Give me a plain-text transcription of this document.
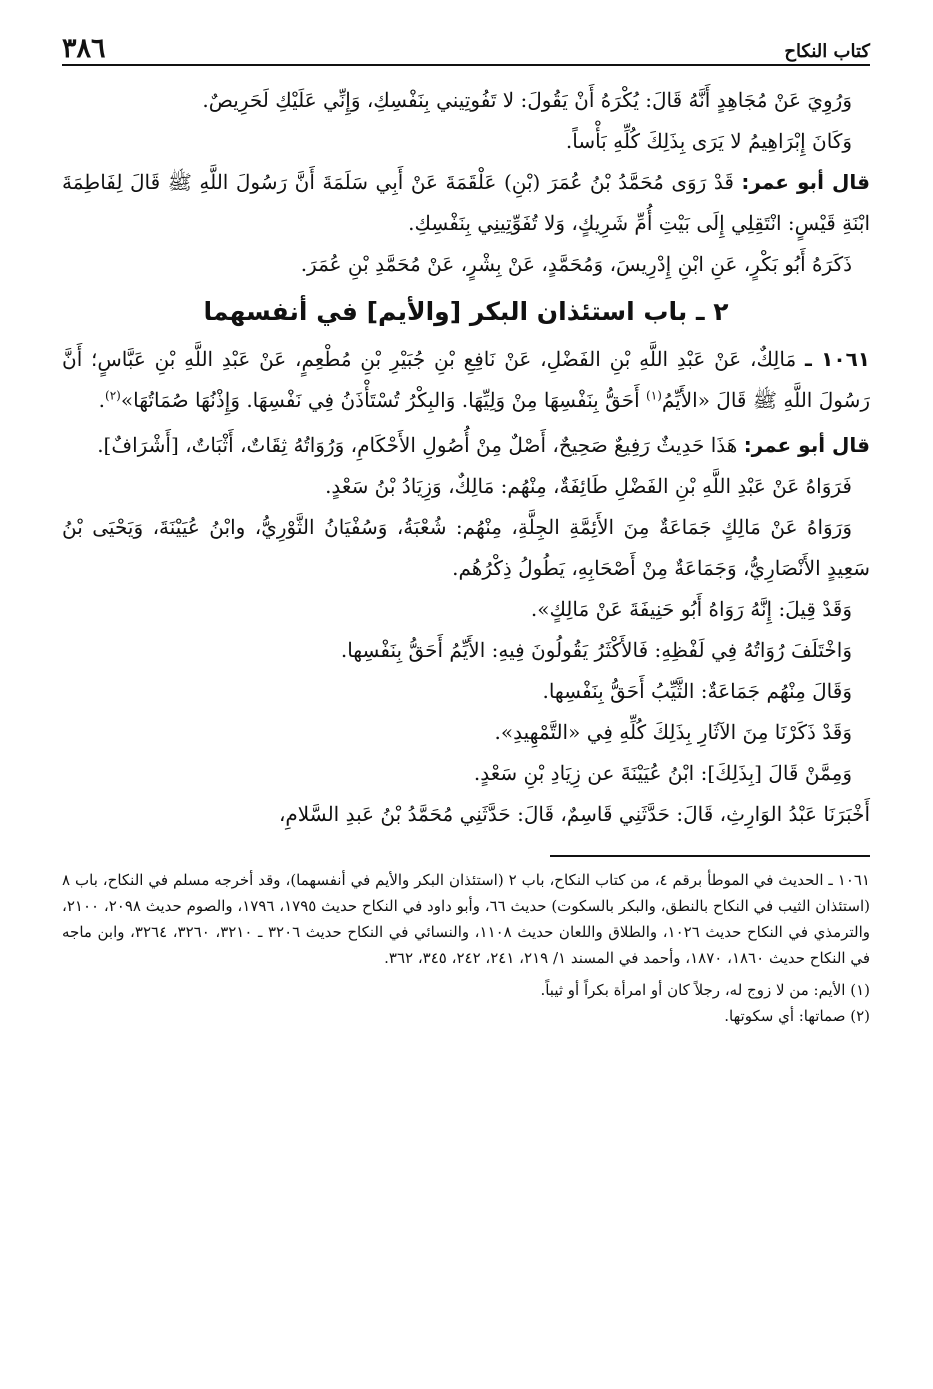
كتاب النكاح
٣٨٦

وَرُوِيَ عَنْ مُجَاهِدٍ أَنَّهُ قَالَ: يُكْرَهُ أَنْ يَقُولَ: لا تَفُوتِيني بِنَفْسِكِ، وَإِنِّي عَلَيْكِ لَحَرِيصٌ.

وَكَانَ إِبْرَاهِيمُ لا يَرَى بِذَلِكَ كُلِّهِ بَأْساً.

قال أبو عمر: قَدْ رَوَى مُحَمَّدُ بْنُ عُمَرَ (بْنِ) عَلْقَمَةَ عَنْ أَبِي سَلَمَةَ أَنَّ رَسُولَ اللَّهِ ﷺ قَالَ لِفَاطِمَةَ ابْنَةِ قَيْسٍ: انْتَقِلِي إِلَى بَيْتِ أُمِّ شَرِيكٍ، وَلا تُفَوِّتِينِي بِنَفْسِكِ.

ذَكَرَهُ أَبُو بَكْرٍ، عَنِ ابْنِ إِدْرِيسَ، وَمُحَمَّدٍ، عَنْ بِشْرٍ، عَنْ مُحَمَّدِ بْنِ عُمَرَ.

٢ ـ باب استئذان البكر [والأيم] في أنفسهما

١٠٦١ ـ مَالِكٌ، عَنْ عَبْدِ اللَّهِ بْنِ الفَضْلِ، عَنْ نَافِعِ بْنِ جُبَيْرِ بْنِ مُطْعِمٍ، عَنْ عَبْدِ اللَّهِ بْنِ عَبَّاسٍ؛ أَنَّ رَسُولَ اللَّهِ ﷺ قَالَ «الأَيِّمُ$^{(١)}$ أَحَقُّ بِنَفْسِهَا مِنْ وَلِيِّهَا. وَالبِكْرُ تُسْتَأْذَنُ فِي نَفْسِهَا. وَإِذْنُهَا صُمَاتُهَا»$^{(٢)}$.

قال أبو عمر: هَذَا حَدِيثٌ رَفِيعٌ صَحِيحٌ، أَصْلٌ مِنْ أُصُولِ الأَحْكَامِ، وَرُوَاتُهُ ثِقَاتٌ، أَثْبَاتٌ، [أَشْرَافٌ].

فَرَوَاهُ عَنْ عَبْدِ اللَّهِ بْنِ الفَضْلِ طَائِفَةٌ، مِنْهُم: مَالِكٌ، وَزِيَادُ بْنُ سَعْدٍ.

وَرَوَاهُ عَنْ مَالِكٍ جَمَاعَةٌ مِنَ الأَئِمَّةِ الجِلَّةِ، مِنْهُم: شُعْبَةُ، وَسُفْيَانُ الثَّوْرِيُّ، وابْنُ عُيَيْنَةَ، وَيَحْيَى بْنُ سَعِيدٍ الأَنْصَارِيُّ، وَجَمَاعَةٌ مِنْ أَصْحَابِهِ، يَطُولُ ذِكْرُهُم.

وَقَدْ قِيلَ: إِنَّهُ رَوَاهُ أَبُو حَنِيفَةَ عَنْ مَالِكٍ».

وَاخْتَلَفَ رُوَاتُهُ فِي لَفْظِهِ: فَالأَكْثَرُ يَقُولُونَ فِيهِ: الأَيِّمُ أَحَقُّ بِنَفْسِها.

وَقَالَ مِنْهُم جَمَاعَةٌ: الثَّيِّبُ أَحَقُّ بِنَفْسِها.

وَقَدْ ذَكَرْنَا مِنَ الآثَارِ بِذَلِكَ كُلِّهِ فِي «التَّمْهِيدِ».

وَمِمَّنْ قَالَ [بِذَلِكَ]: ابْنُ عُيَيْنَةَ عن زِيَادِ بْنِ سَعْدٍ.

أَخْبَرَنَا عَبْدُ الوَارِثِ، قَالَ: حَدَّثَنِي قَاسِمٌ، قَالَ: حَدَّثَنِي مُحَمَّدُ بْنُ عَبدِ السَّلامِ،

١٠٦١ ـ الحديث في الموطأ برقم ٤، من كتاب النكاح، باب ٢ (استئذان البكر والأيم في أنفسهما)، وقد أخرجه مسلم في النكاح، باب ٨ (استئذان الثيب في النكاح بالنطق، والبكر بالسكوت) حديث ٦٦، وأبو داود في النكاح حديث ١٧٩٥، ١٧٩٦، والصوم حديث ٢٠٩٨، ٢١٠٠، والترمذي في النكاح حديث ١٠٢٦، والطلاق واللعان حديث ١١٠٨، والنسائي في النكاح حديث ٣٢٠٦ ـ ٣٢١٠، ٣٢٦٠، ٣٢٦٤، وابن ماجه في النكاح حديث ١٨٦٠، ١٨٧٠، وأحمد في المسند ١/ ٢١٩، ٢٤١، ٢٤٢، ٣٤٥، ٣٦٢.

(١) الأيم: من لا زوج له، رجلاً كان أو امرأة بكراً أو ثيباً.

(٢) صماتها: أي سكوتها.
